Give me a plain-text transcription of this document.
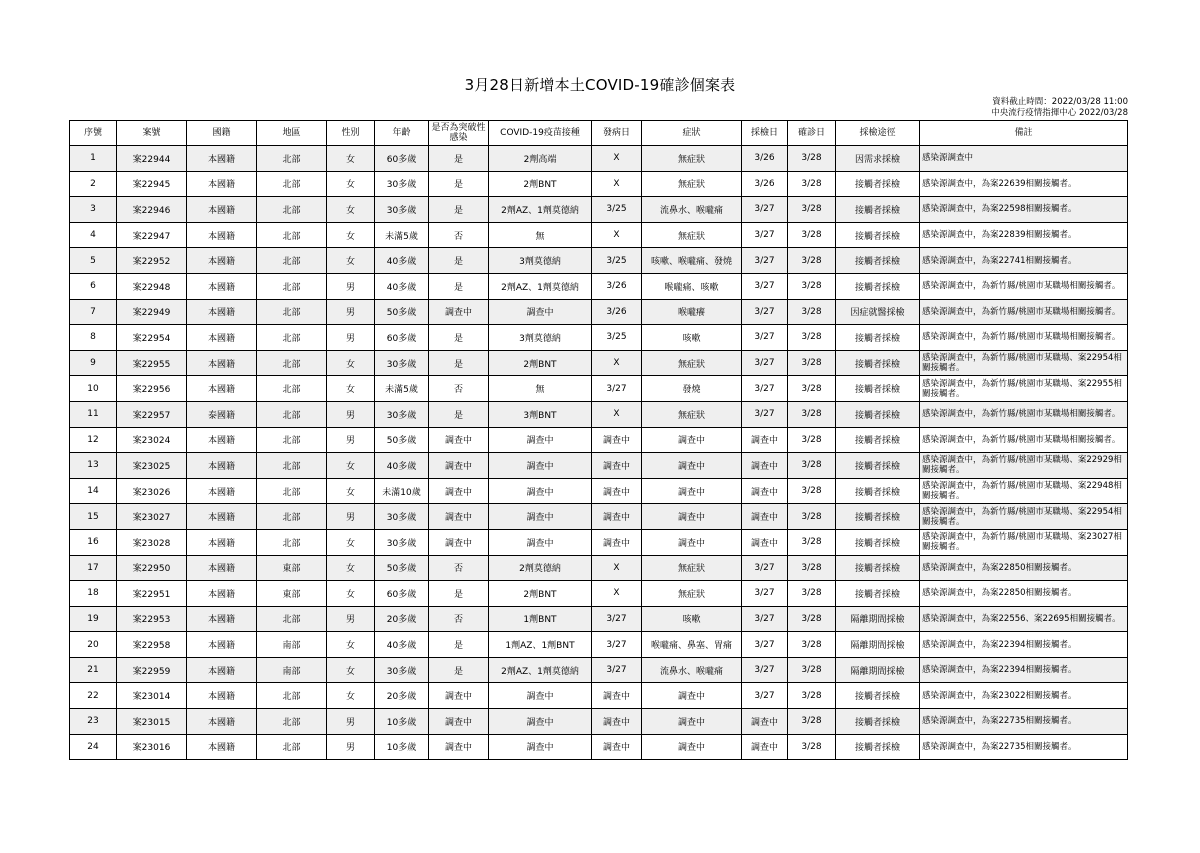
3月28日新增本土COVID-19確診個案表
資料截止時間：2022/03/28 11:00
中央流行疫情指揮中心 2022/03/28
序號	案號	國籍	地區	性別	年齡	是否為突破性感染	COVID-19疫苗接種	發病日	症狀	採檢日	確診日	採檢途徑	備註
1	案22944	本國籍	北部	女	60多歲	是	2劑高端	X	無症狀	3/26	3/28	因需求採檢	感染源調查中
2	案22945	本國籍	北部	女	30多歲	是	2劑BNT	X	無症狀	3/26	3/28	接觸者採檢	感染源調查中，為案22639相關接觸者。
3	案22946	本國籍	北部	女	30多歲	是	2劑AZ、1劑莫德納	3/25	流鼻水、喉嚨痛	3/27	3/28	接觸者採檢	感染源調查中，為案22598相關接觸者。
4	案22947	本國籍	北部	女	未滿5歲	否	無	X	無症狀	3/27	3/28	接觸者採檢	感染源調查中，為案22839相關接觸者。
5	案22952	本國籍	北部	女	40多歲	是	3劑莫德納	3/25	咳嗽、喉嚨痛、發燒	3/27	3/28	接觸者採檢	感染源調查中，為案22741相關接觸者。
6	案22948	本國籍	北部	男	40多歲	是	2劑AZ、1劑莫德納	3/26	喉嚨痛、咳嗽	3/27	3/28	接觸者採檢	感染源調查中，為新竹縣/桃園市某職場相關接觸者。
7	案22949	本國籍	北部	男	50多歲	調查中	調查中	3/26	喉嚨癢	3/27	3/28	因症就醫採檢	感染源調查中，為新竹縣/桃園市某職場相關接觸者。
8	案22954	本國籍	北部	男	60多歲	是	3劑莫德納	3/25	咳嗽	3/27	3/28	接觸者採檢	感染源調查中，為新竹縣/桃園市某職場相關接觸者。
9	案22955	本國籍	北部	女	30多歲	是	2劑BNT	X	無症狀	3/27	3/28	接觸者採檢	感染源調查中，為新竹縣/桃園市某職場、案22954相關接觸者。
10	案22956	本國籍	北部	女	未滿5歲	否	無	3/27	發燒	3/27	3/28	接觸者採檢	感染源調查中，為新竹縣/桃園市某職場、案22955相關接觸者。
11	案22957	泰國籍	北部	男	30多歲	是	3劑BNT	X	無症狀	3/27	3/28	接觸者採檢	感染源調查中，為新竹縣/桃園市某職場相關接觸者。
12	案23024	本國籍	北部	男	50多歲	調查中	調查中	調查中	調查中	調查中	3/28	接觸者採檢	感染源調查中，為新竹縣/桃園市某職場相關接觸者。
13	案23025	本國籍	北部	女	40多歲	調查中	調查中	調查中	調查中	調查中	3/28	接觸者採檢	感染源調查中，為新竹縣/桃園市某職場、案22929相關接觸者。
14	案23026	本國籍	北部	女	未滿10歲	調查中	調查中	調查中	調查中	調查中	3/28	接觸者採檢	感染源調查中，為新竹縣/桃園市某職場、案22948相關接觸者。
15	案23027	本國籍	北部	男	30多歲	調查中	調查中	調查中	調查中	調查中	3/28	接觸者採檢	感染源調查中，為新竹縣/桃園市某職場、案22954相關接觸者。
16	案23028	本國籍	北部	女	30多歲	調查中	調查中	調查中	調查中	調查中	3/28	接觸者採檢	感染源調查中，為新竹縣/桃園市某職場、案23027相關接觸者。
17	案22950	本國籍	東部	女	50多歲	否	2劑莫德納	X	無症狀	3/27	3/28	接觸者採檢	感染源調查中，為案22850相關接觸者。
18	案22951	本國籍	東部	女	60多歲	是	2劑BNT	X	無症狀	3/27	3/28	接觸者採檢	感染源調查中，為案22850相關接觸者。
19	案22953	本國籍	北部	男	20多歲	否	1劑BNT	3/27	咳嗽	3/27	3/28	隔離期間採檢	感染源調查中，為案22556、案22695相關接觸者。
20	案22958	本國籍	南部	女	40多歲	是	1劑AZ、1劑BNT	3/27	喉嚨痛、鼻塞、胃痛	3/27	3/28	隔離期間採檢	感染源調查中，為案22394相關接觸者。
21	案22959	本國籍	南部	女	30多歲	是	2劑AZ、1劑莫德納	3/27	流鼻水、喉嚨痛	3/27	3/28	隔離期間採檢	感染源調查中，為案22394相關接觸者。
22	案23014	本國籍	北部	女	20多歲	調查中	調查中	調查中	調查中	3/27	3/28	接觸者採檢	感染源調查中，為案23022相關接觸者。
23	案23015	本國籍	北部	男	10多歲	調查中	調查中	調查中	調查中	調查中	3/28	接觸者採檢	感染源調查中，為案22735相關接觸者。
24	案23016	本國籍	北部	男	10多歲	調查中	調查中	調查中	調查中	調查中	3/28	接觸者採檢	感染源調查中，為案22735相關接觸者。
